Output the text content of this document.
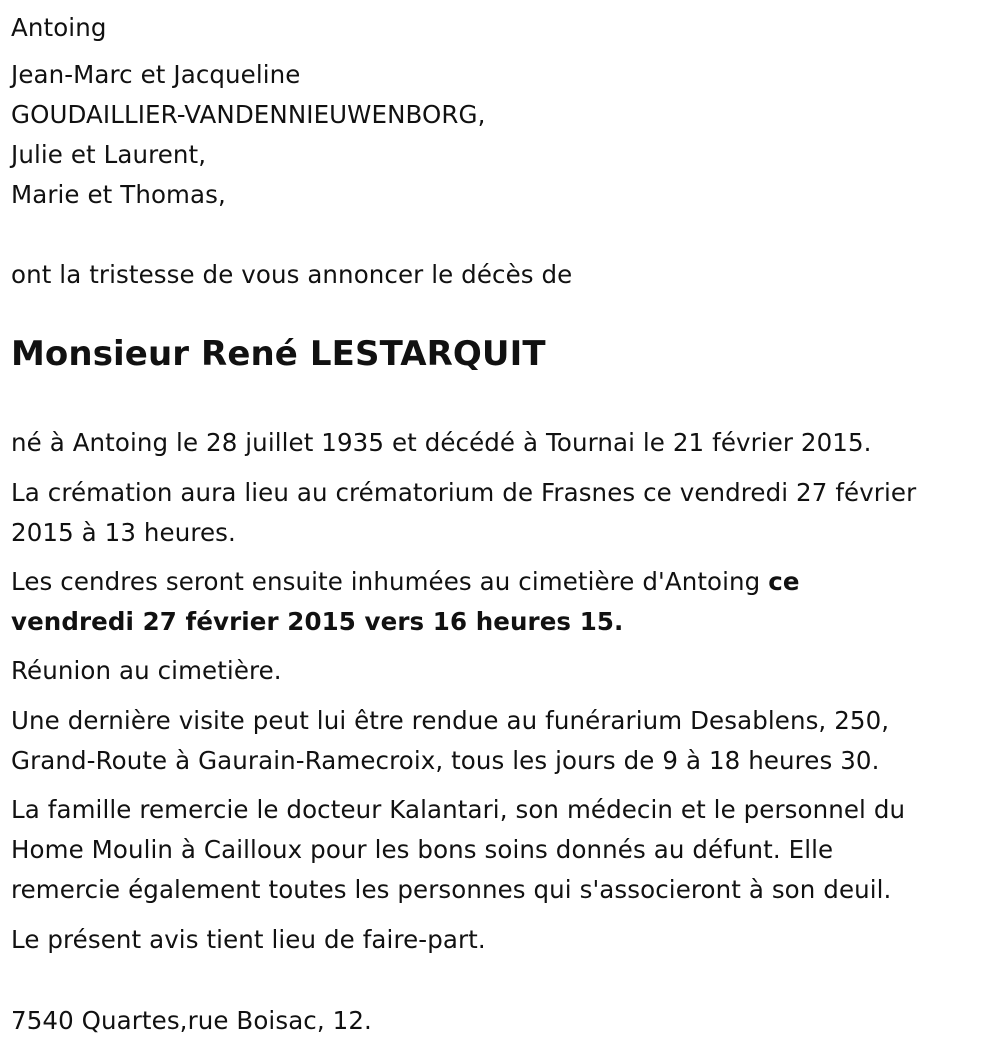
Antoing
Jean-Marc et Jacqueline
GOUDAILLIER-VANDENNIEUWENBORG,
Julie et Laurent,
Marie et Thomas,
ont la tristesse de vous annoncer le décès de
Monsieur René LESTARQUIT

né à Antoing le 28 juillet 1935 et décédé à Tournai le 21 février 2015.

La crémation aura lieu au crématorium de Frasnes ce vendredi 27 février
2015 à 13 heures.
Les cendres seront ensuite inhumées au cimetière d'Antoing ce
vendredi 27 février 2015 vers 16 heures 15.

Réunion au cimetière.

Une dernière visite peut lui être rendue au funérarium Desablens, 250,
Grand-Route à Gaurain-Ramecroix, tous les jours de 9 à 18 heures 30.
La famille remercie le docteur Kalantari, son médecin et le personnel du
Home Moulin à Cailloux pour les bons soins donnés au défunt. Elle
remercie également toutes les personnes qui s'associeront à son deuil.

Le présent avis tient lieu de faire-part.

7540 Quartes,rue Boisac, 12.
